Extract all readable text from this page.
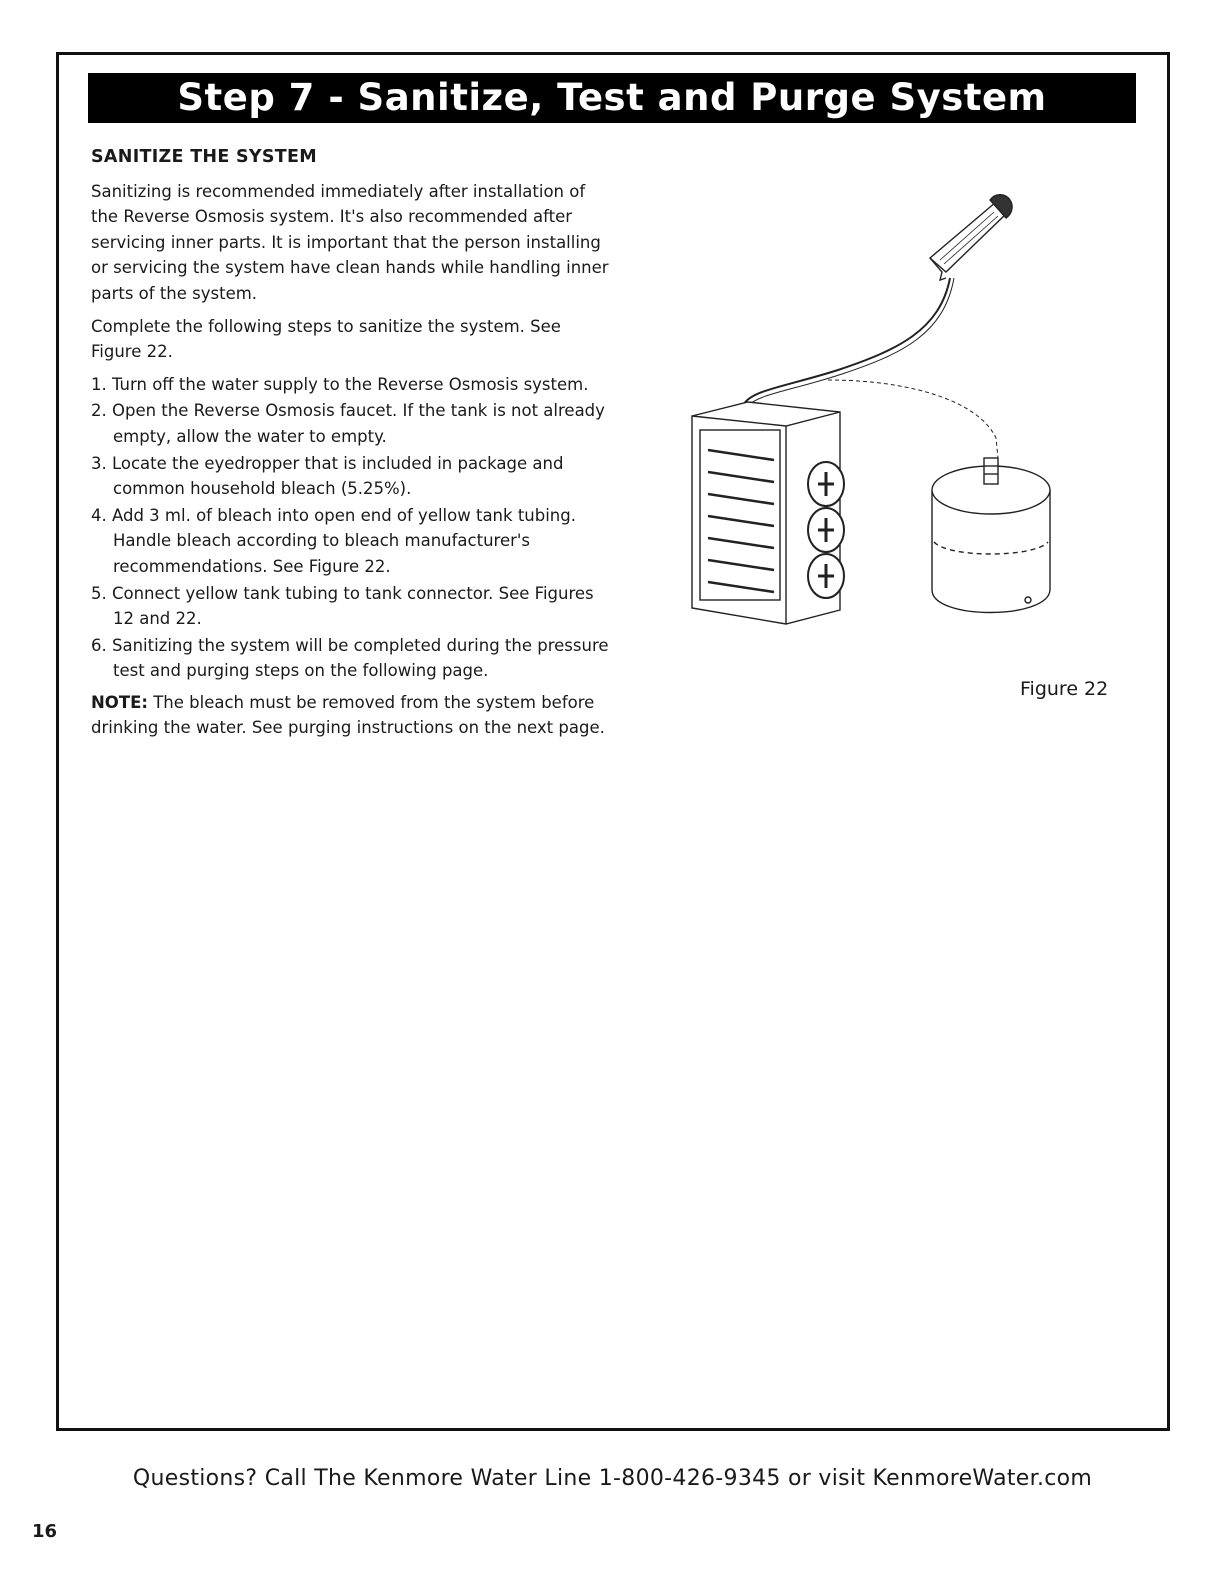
Step 7 - Sanitize, Test and Purge System
SANITIZE THE SYSTEM

Sanitizing is recommended immediately after installation of the Reverse Osmosis system. It's also recommended after servicing inner parts. It is important that the person installing or servicing the system have clean hands while handling inner parts of the system.

Complete the following steps to sanitize the system. See Figure 22.

1. Turn off the water supply to the Reverse Osmosis system.
2. Open the Reverse Osmosis faucet. If the tank is not already empty, allow the water to empty.
3. Locate the eyedropper that is included in package and common household bleach (5.25%).
4. Add 3 ml. of bleach into open end of yellow tank tubing. Handle bleach according to bleach manufacturer's recommendations. See Figure 22.
5. Connect yellow tank tubing to tank connector. See Figures 12 and 22.
6. Sanitizing the system will be completed during the pressure test and purging steps on the following page.

NOTE: The bleach must be removed from the system before drinking the water. See purging instructions on the next page.

Figure 22
Questions? Call The Kenmore Water Line 1-800-426-9345 or visit KenmoreWater.com
16
